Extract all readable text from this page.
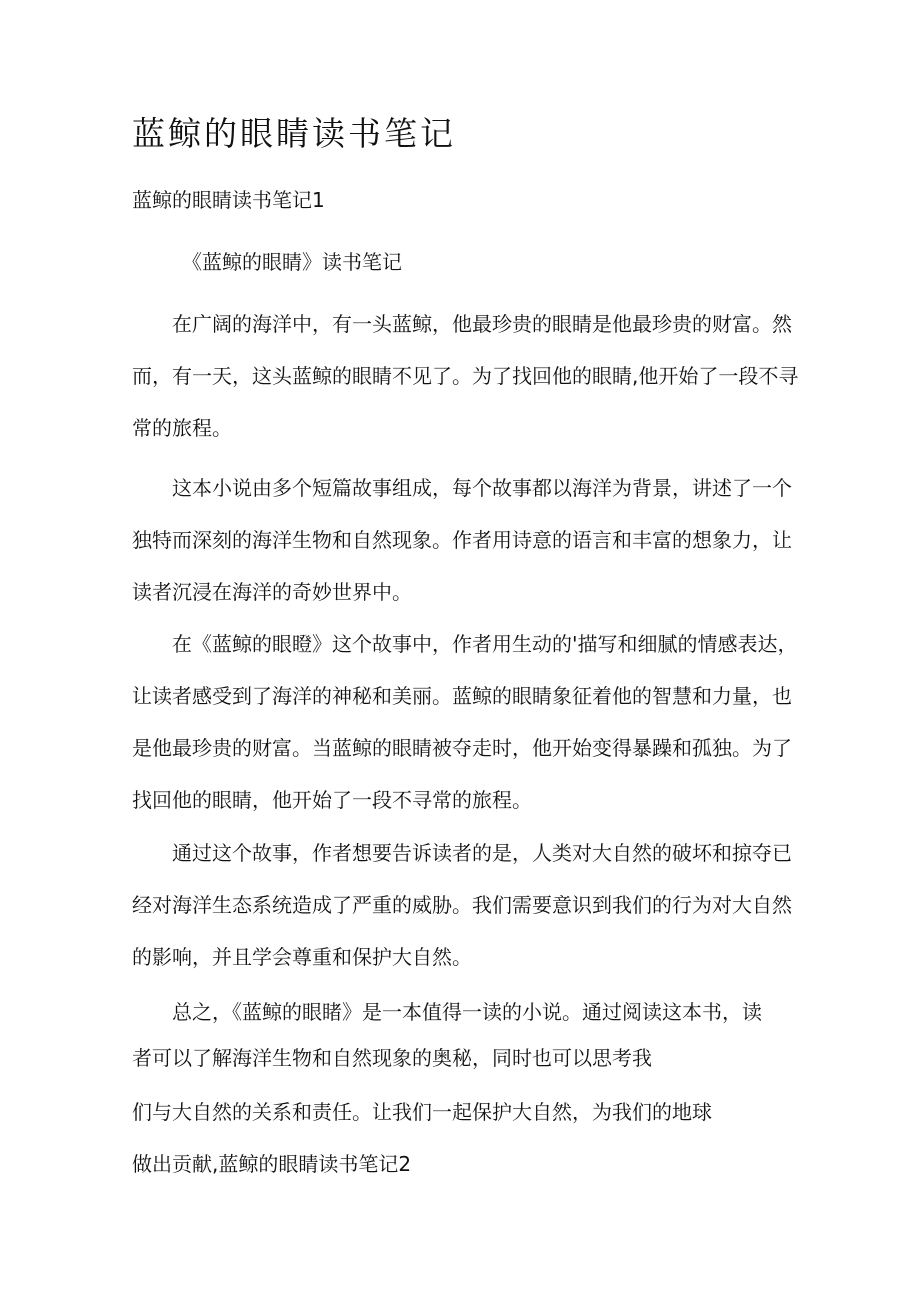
蓝鲸的眼睛读书笔记
蓝鲸的眼睛读书笔记1
《蓝鲸的眼睛》读书笔记

在广阔的海洋中，有一头蓝鲸，他最珍贵的眼睛是他最珍贵的财富。然而，有一天，这头蓝鲸的眼睛不见了。为了找回他的眼睛,他开始了一段不寻常的旅程。

这本小说由多个短篇故事组成，每个故事都以海洋为背景，讲述了一个独特而深刻的海洋生物和自然现象。作者用诗意的语言和丰富的想象力，让读者沉浸在海洋的奇妙世界中。

在《蓝鲸的眼瞪》这个故事中，作者用生动的'描写和细腻的情感表达，让读者感受到了海洋的神秘和美丽。蓝鲸的眼睛象征着他的智慧和力量，也是他最珍贵的财富。当蓝鲸的眼睛被夺走时，他开始变得暴躁和孤独。为了找回他的眼睛，他开始了一段不寻常的旅程。

通过这个故事，作者想要告诉读者的是，人类对大自然的破坏和掠夺已经对海洋生态系统造成了严重的威胁。我们需要意识到我们的行为对大自然的影响，并且学会尊重和保护大自然。

总之，《蓝鲸的眼睹》是一本值得一读的小说。通过阅读这本书，读
者可以了解海洋生物和自然现象的奥秘，同时也可以思考我
们与大自然的关系和责任。让我们一起保护大自然，为我们的地球
做出贡献,蓝鲸的眼睛读书笔记2
